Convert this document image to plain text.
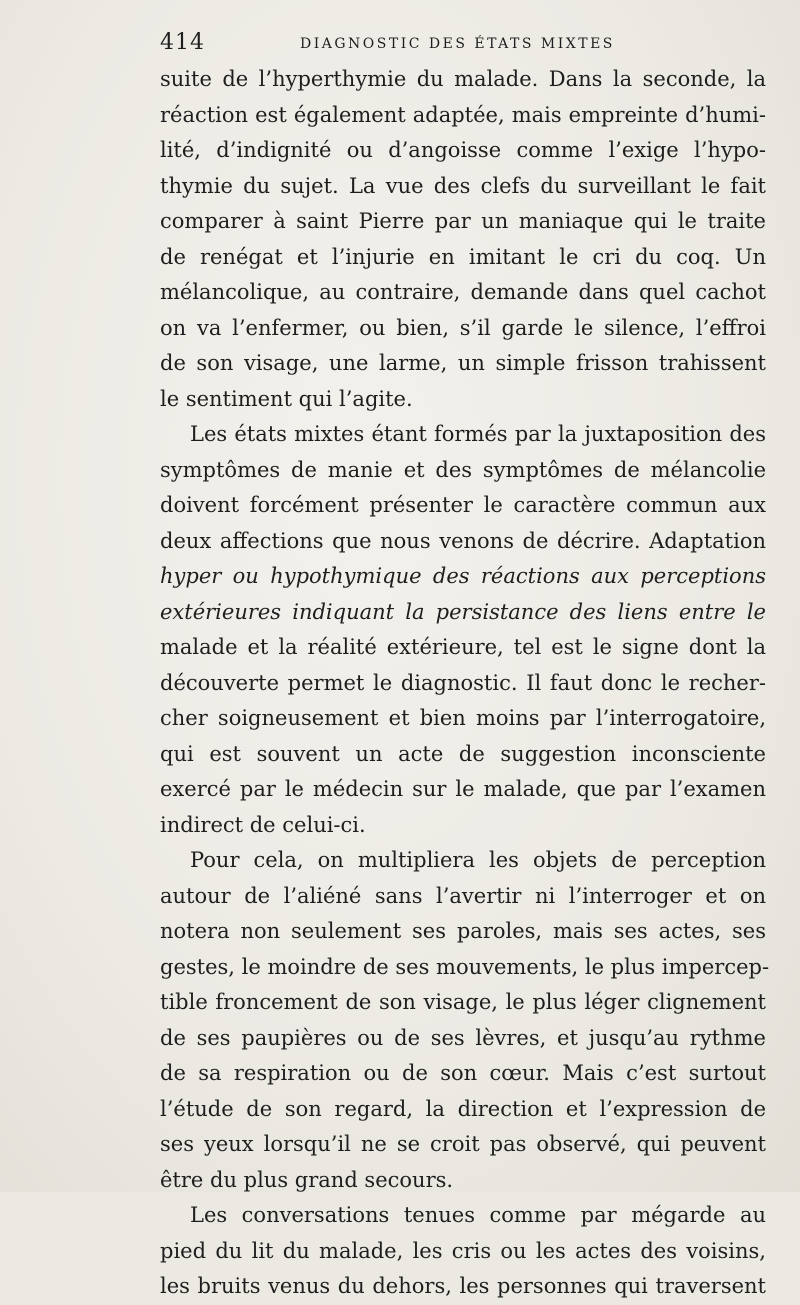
414	DIAGNOSTIC DES ÉTATS MIXTES
suite de l’hyperthymie du malade. Dans la seconde, la
réaction est également adaptée, mais empreinte d’humi-
lité, d’indignité ou d’angoisse comme l’exige l’hypo-
thymie du sujet. La vue des clefs du surveillant le fait
comparer à saint Pierre par un maniaque qui le traite
de renégat et l’injurie en imitant le cri du coq. Un
mélancolique, au contraire, demande dans quel cachot
on va l’enfermer, ou bien, s’il garde le silence, l’effroi
de son visage, une larme, un simple frisson trahissent
le sentiment qui l’agite.
Les états mixtes étant formés par la juxtaposition des
symptômes de manie et des symptômes de mélancolie
doivent forcément présenter le caractère commun aux
deux affections que nous venons de décrire. Adaptation
hyper ou hypothymique des réactions aux perceptions
extérieures indiquant la persistance des liens entre le
malade et la réalité extérieure, tel est le signe dont la
découverte permet le diagnostic. Il faut donc le recher-
cher soigneusement et bien moins par l’interrogatoire,
qui est souvent un acte de suggestion inconsciente
exercé par le médecin sur le malade, que par l’examen
indirect de celui-ci.
Pour cela, on multipliera les objets de perception
autour de l’aliéné sans l’avertir ni l’interroger et on
notera non seulement ses paroles, mais ses actes, ses
gestes, le moindre de ses mouvements, le plus impercep-
tible froncement de son visage, le plus léger clignement
de ses paupières ou de ses lèvres, et jusqu’au rythme
de sa respiration ou de son cœur. Mais c’est surtout
l’étude de son regard, la direction et l’expression de
ses yeux lorsqu’il ne se croit pas observé, qui peuvent
être du plus grand secours.
Les conversations tenues comme par mégarde au
pied du lit du malade, les cris ou les actes des voisins,
les bruits venus du dehors, les personnes qui traversent
